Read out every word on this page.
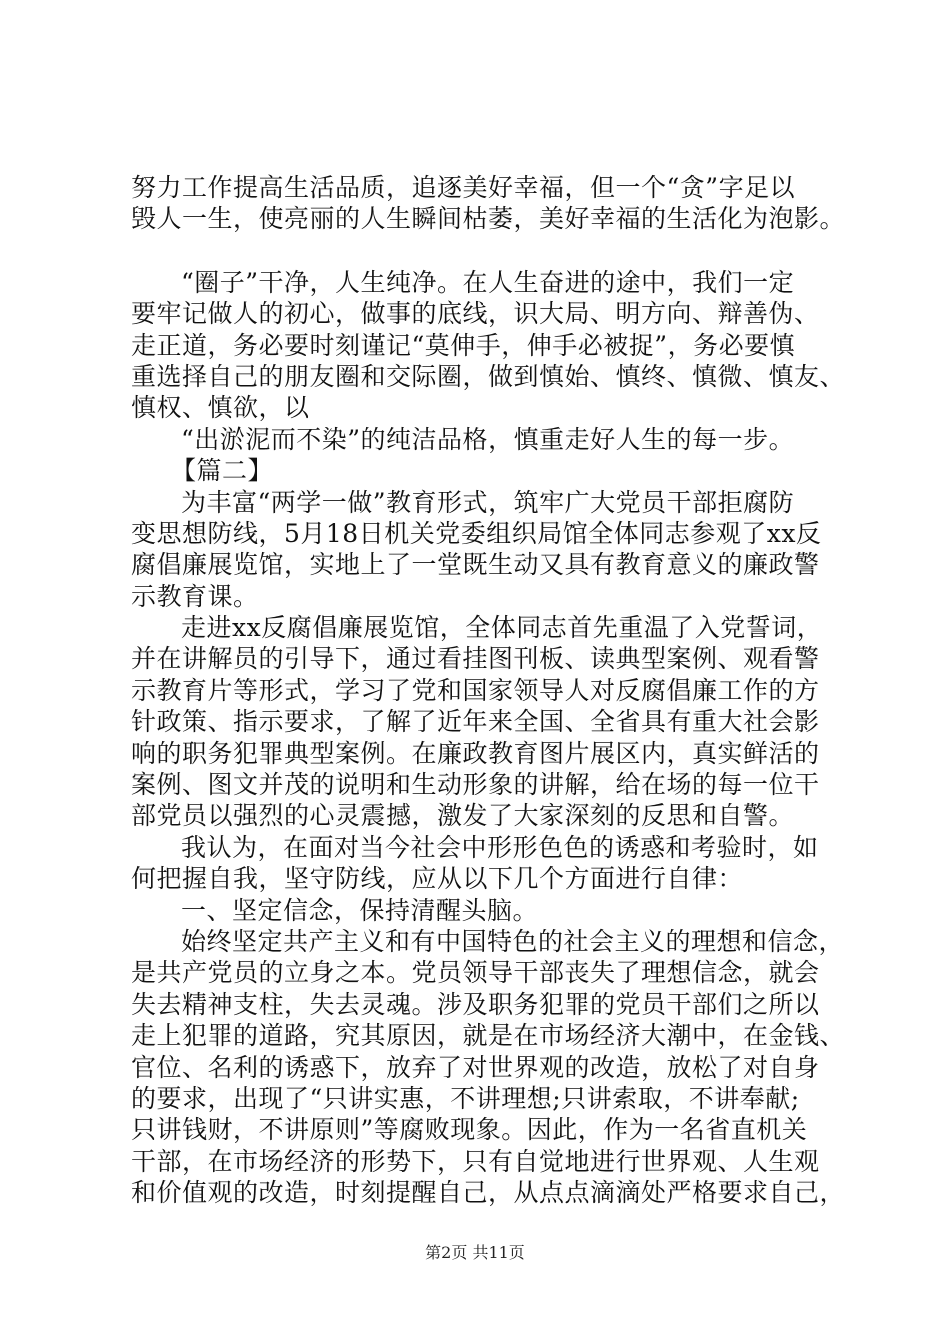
努力工作提高生活品质，追逐美好幸福，但一个“贪”字足以
毁人一生，使亮丽的人生瞬间枯萎，美好幸福的生活化为泡影。
“圈子”干净，人生纯净。在人生奋进的途中，我们一定
要牢记做人的初心，做事的底线，识大局、明方向、辩善伪、
走正道，务必要时刻谨记“莫伸手，伸手必被捉”，务必要慎
重选择自己的朋友圈和交际圈，做到慎始、慎终、慎微、慎友、
慎权、慎欲，以
“出淤泥而不染”的纯洁品格，慎重走好人生的每一步。
【篇二】
为丰富“两学一做”教育形式，筑牢广大党员干部拒腐防
变思想防线，5月18日机关党委组织局馆全体同志参观了xx反
腐倡廉展览馆，实地上了一堂既生动又具有教育意义的廉政警
示教育课。
走进xx反腐倡廉展览馆，全体同志首先重温了入党誓词，
并在讲解员的引导下，通过看挂图刊板、读典型案例、观看警
示教育片等形式，学习了党和国家领导人对反腐倡廉工作的方
针政策、指示要求，了解了近年来全国、全省具有重大社会影
响的职务犯罪典型案例。在廉政教育图片展区内，真实鲜活的
案例、图文并茂的说明和生动形象的讲解，给在场的每一位干
部党员以强烈的心灵震撼，激发了大家深刻的反思和自警。
我认为，在面对当今社会中形形色色的诱惑和考验时，如
何把握自我，坚守防线，应从以下几个方面进行自律：
一、坚定信念，保持清醒头脑。
始终坚定共产主义和有中国特色的社会主义的理想和信念，
是共产党员的立身之本。党员领导干部丧失了理想信念，就会
失去精神支柱，失去灵魂。涉及职务犯罪的党员干部们之所以
走上犯罪的道路，究其原因，就是在市场经济大潮中，在金钱、
官位、名利的诱惑下，放弃了对世界观的改造，放松了对自身
的要求，出现了“只讲实惠，不讲理想;只讲索取，不讲奉献;
只讲钱财，不讲原则”等腐败现象。因此，作为一名省直机关
干部，在市场经济的形势下，只有自觉地进行世界观、人生观
和价值观的改造，时刻提醒自己，从点点滴滴处严格要求自己，
第2页 共11页
